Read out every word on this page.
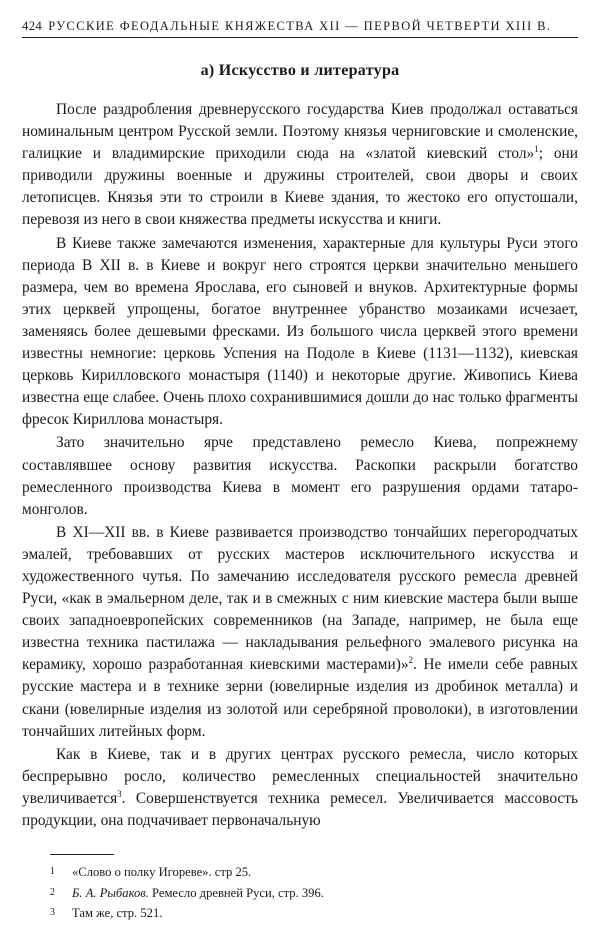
424 РУССКИЕ ФЕОДАЛЬНЫЕ КНЯЖЕСТВА XII — ПЕРВОЙ ЧЕТВЕРТИ XIII В.
а) Искусство и литература

После раздробления древнерусского государства Киев продолжал оставаться номинальным центром Русской земли. Поэтому князья черниговские и смоленские, галицкие и владимирские приходили сюда на «златой киевский стол»$^1$; они приводили дружины военные и дружины строителей, свои дворы и своих летописцев. Князья эти то строили в Киеве здания, то жестоко его опустошали, перевозя из него в свои княжества предметы искусства и книги.

В Киеве также замечаются изменения, характерные для культуры Руси этого периода В XII в. в Киеве и вокруг него строятся церкви значительно меньшего размера, чем во времена Ярослава, его сыновей и внуков. Архитектурные формы этих церквей упрощены, богатое внутреннее убранство мозаиками исчезает, заменяясь более дешевыми фресками. Из большого числа церквей этого времени известны немногие: церковь Успения на Подоле в Киеве (1131—1132), киевская церковь Кирилловского монастыря (1140) и некоторые другие. Живопись Киева известна еще слабее. Очень плохо сохранившимися дошли до нас только фрагменты фресок Кириллова монастыря.

Зато значительно ярче представлено ремесло Киева, попрежнему составлявшее основу развития искусства. Раскопки раскрыли богатство ремесленного производства Киева в момент его разрушения ордами татаро-монголов.

В XI—XII вв. в Киеве развивается производство тончайших перегородчатых эмалей, требовавших от русских мастеров исключительного искусства и художественного чутья. По замечанию исследователя русского ремесла древней Руси, «как в эмальерном деле, так и в смежных с ним киевские мастера были выше своих западноевропейских современников (на Западе, например, не была еще известна техника пастилажа — накладывания рельефного эмалевого рисунка на керамику, хорошо разработанная киевскими мастерами)»$^2$. Не имели себе равных русские мастера и в технике зерни (ювелирные изделия из дробинок металла) и скани (ювелирные изделия из золотой или серебряной проволоки), в изготовлении тончайших литейных форм.

Как в Киеве, так и в других центрах русского ремесла, число которых беспрерывно росло, количество ремесленных специальностей значительно увеличивается$^3$. Совершенствуется техника ремесел. Увеличивается массовость продукции, она подчачивает первоначальную

1 «Слово о полку Игореве». стр 25.
2 Б. А. Рыбаков. Ремесло древней Руси, стр. 396.
3 Там же, стр. 521.
